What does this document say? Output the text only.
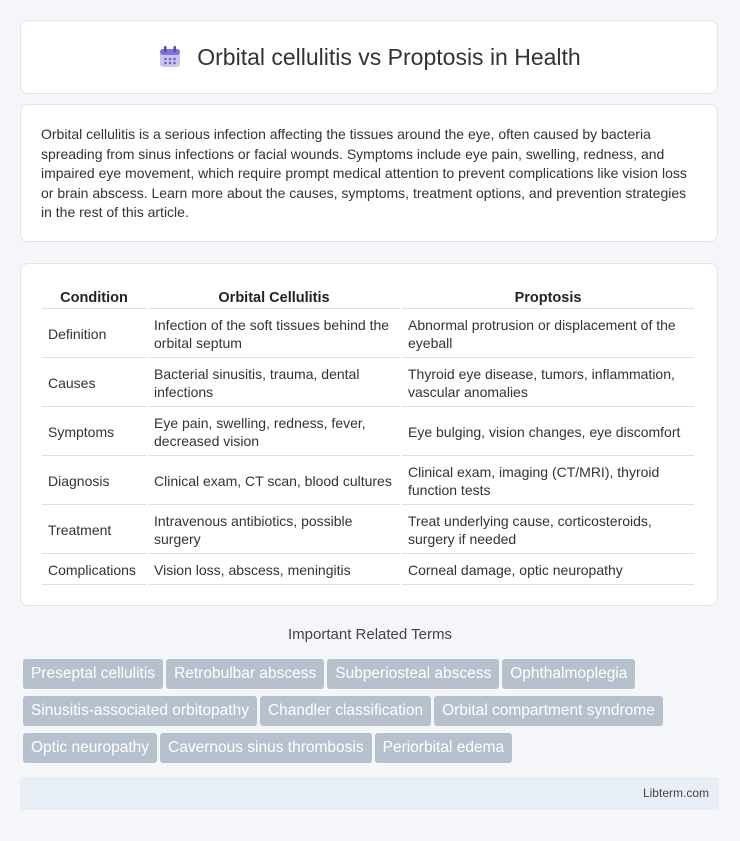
Orbital cellulitis vs Proptosis in Health

Orbital cellulitis is a serious infection affecting the tissues around the eye, often caused by bacteria spreading from sinus infections or facial wounds. Symptoms include eye pain, swelling, redness, and impaired eye movement, which require prompt medical attention to prevent complications like vision loss or brain abscess. Learn more about the causes, symptoms, treatment options, and prevention strategies in the rest of this article.

Condition	Orbital Cellulitis	Proptosis
Definition	Infection of the soft tissues behind the orbital septum	Abnormal protrusion or displacement of the eyeball
Causes	Bacterial sinusitis, trauma, dental infections	Thyroid eye disease, tumors, inflammation, vascular anomalies
Symptoms	Eye pain, swelling, redness, fever, decreased vision	Eye bulging, vision changes, eye discomfort
Diagnosis	Clinical exam, CT scan, blood cultures	Clinical exam, imaging (CT/MRI), thyroid function tests
Treatment	Intravenous antibiotics, possible surgery	Treat underlying cause, corticosteroids, surgery if needed
Complications	Vision loss, abscess, meningitis	Corneal damage, optic neuropathy
Important Related Terms
Preseptal cellulitis Retrobulbar abscess Subperiosteal abscess Ophthalmoplegia
Sinusitis-associated orbitopathy Chandler classification Orbital compartment syndrome
Optic neuropathy Cavernous sinus thrombosis Periorbital edema
Libterm.com
